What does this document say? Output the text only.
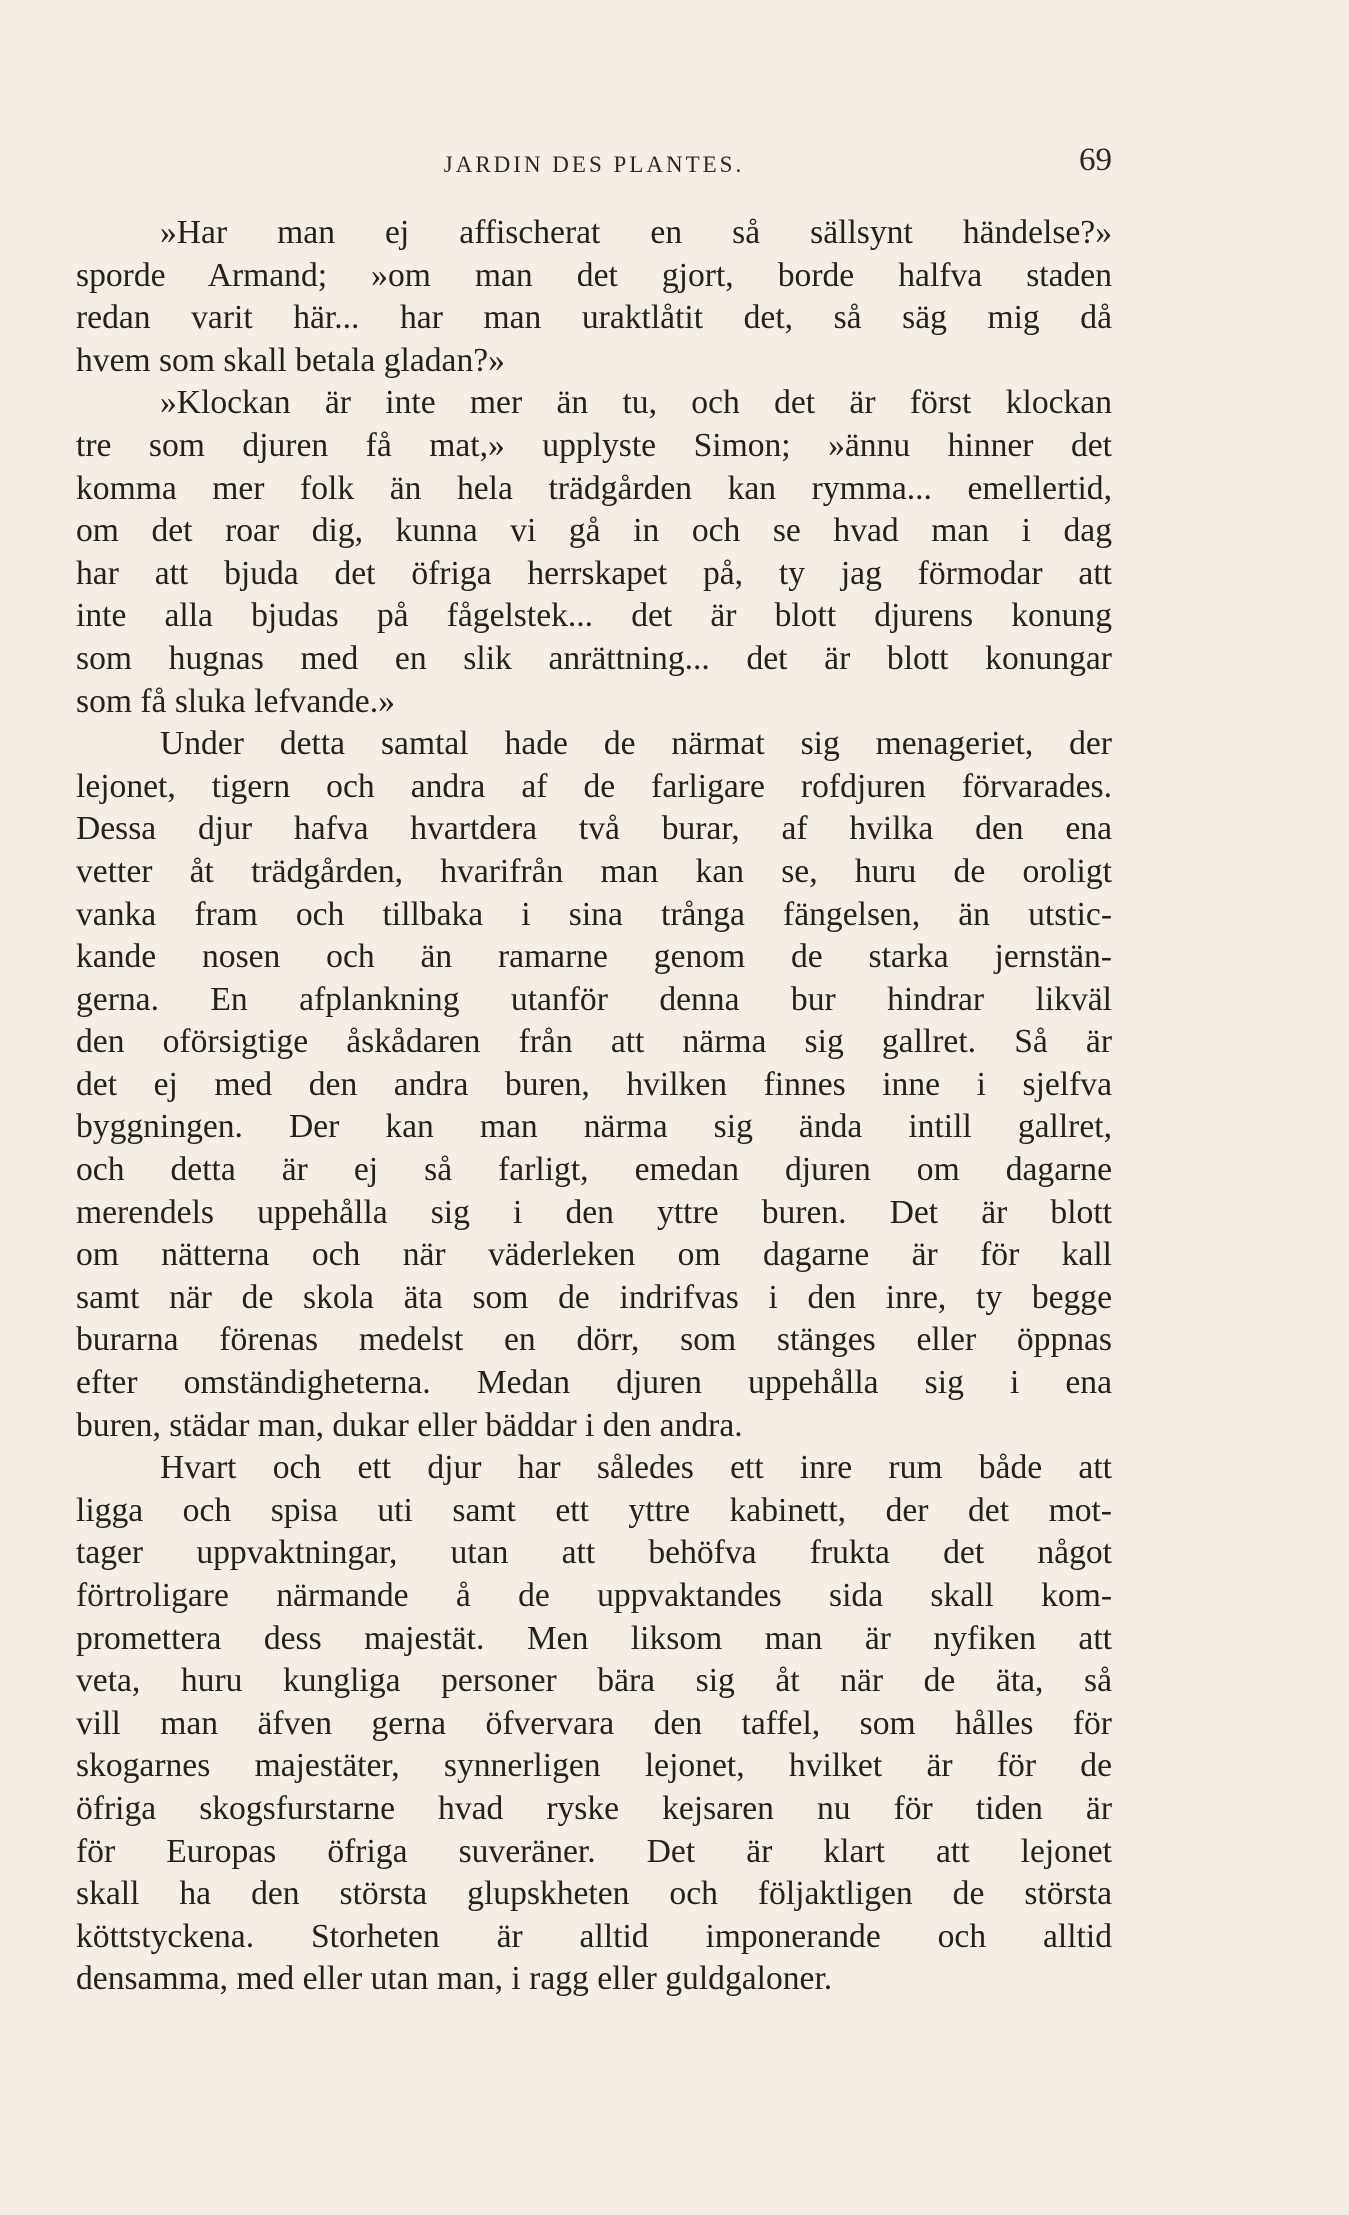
JARDIN DES PLANTES.	69
»Har man ej affischerat en så sällsynt händelse?»
sporde Armand; »om man det gjort, borde halfva staden
redan varit här... har man uraktlåtit det, så säg mig då
hvem som skall betala gladan?»
»Klockan är inte mer än tu, och det är först klockan
tre som djuren få mat,» upplyste Simon; »ännu hinner det
komma mer folk än hela trädgården kan rymma... emellertid,
om det roar dig, kunna vi gå in och se hvad man i dag
har att bjuda det öfriga herrskapet på, ty jag förmodar att
inte alla bjudas på fågelstek... det är blott djurens konung
som hugnas med en slik anrättning... det är blott konungar
som få sluka lefvande.»
Under detta samtal hade de närmat sig menageriet, der
lejonet, tigern och andra af de farligare rofdjuren förvarades.
Dessa djur hafva hvartdera två burar, af hvilka den ena
vetter åt trädgården, hvarifrån man kan se, huru de oroligt
vanka fram och tillbaka i sina trånga fängelsen, än utstic-
kande nosen och än ramarne genom de starka jernstän-
gerna. En afplankning utanför denna bur hindrar likväl
den oförsigtige åskådaren från att närma sig gallret. Så är
det ej med den andra buren, hvilken finnes inne i sjelfva
byggningen. Der kan man närma sig ända intill gallret,
och detta är ej så farligt, emedan djuren om dagarne
merendels uppehålla sig i den yttre buren. Det är blott
om nätterna och när väderleken om dagarne är för kall
samt när de skola äta som de indrifvas i den inre, ty begge
burarna förenas medelst en dörr, som stänges eller öppnas
efter omständigheterna. Medan djuren uppehålla sig i ena
buren, städar man, dukar eller bäddar i den andra.
Hvart och ett djur har således ett inre rum både att
ligga och spisa uti samt ett yttre kabinett, der det mot-
tager uppvaktningar, utan att behöfva frukta det något
förtroligare närmande å de uppvaktandes sida skall kom-
promettera dess majestät. Men liksom man är nyfiken att
veta, huru kungliga personer bära sig åt när de äta, så
vill man äfven gerna öfvervara den taffel, som hålles för
skogarnes majestäter, synnerligen lejonet, hvilket är för de
öfriga skogsfurstarne hvad ryske kejsaren nu för tiden är
för Europas öfriga suveräner. Det är klart att lejonet
skall ha den största glupskheten och följaktligen de största
köttstyckena. Storheten är alltid imponerande och alltid
densamma, med eller utan man, i ragg eller guldgaloner.
